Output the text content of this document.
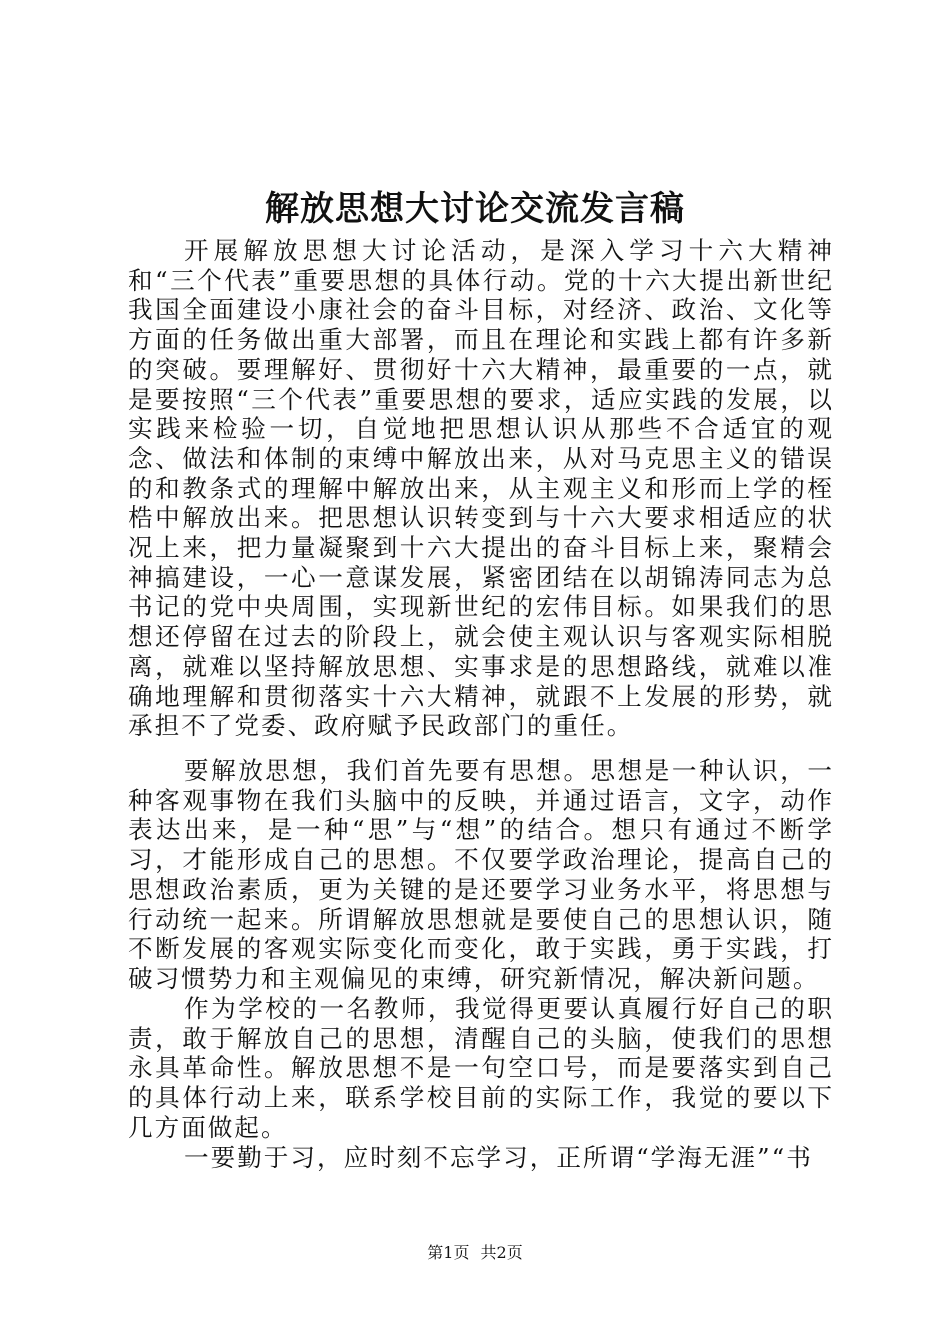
解放思想大讨论交流发言稿

开展解放思想大讨论活动，是深入学习十六大精神和“三个代表”重要思想的具体行动。党的十六大提出新世纪我国全面建设小康社会的奋斗目标，对经济、政治、文化等方面的任务做出重大部署，而且在理论和实践上都有许多新的突破。要理解好、贯彻好十六大精神，最重要的一点，就是要按照“三个代表”重要思想的要求，适应实践的发展，以实践来检验一切，自觉地把思想认识从那些不合适宜的观念、做法和体制的束缚中解放出来，从对马克思主义的错误的和教条式的理解中解放出来，从主观主义和形而上学的桎梏中解放出来。把思想认识转变到与十六大要求相适应的状况上来，把力量凝聚到十六大提出的奋斗目标上来，聚精会神搞建设，一心一意谋发展，紧密团结在以胡锦涛同志为总书记的党中央周围，实现新世纪的宏伟目标。如果我们的思想还停留在过去的阶段上，就会使主观认识与客观实际相脱离，就难以坚持解放思想、实事求是的思想路线，就难以准确地理解和贯彻落实十六大精神，就跟不上发展的形势，就承担不了党委、政府赋予民政部门的重任。

要解放思想，我们首先要有思想。思想是一种认识，一种客观事物在我们头脑中的反映，并通过语言，文字，动作表达出来，是一种“思”与“想”的结合。想只有通过不断学习，才能形成自己的思想。不仅要学政治理论，提高自己的思想政治素质，更为关键的是还要学习业务水平，将思想与行动统一起来。所谓解放思想就是要使自己的思想认识，随不断发展的客观实际变化而变化，敢于实践，勇于实践，打破习惯势力和主观偏见的束缚，研究新情况，解决新问题。

作为学校的一名教师，我觉得更要认真履行好自己的职责，敢于解放自己的思想，清醒自己的头脑，使我们的思想永具革命性。解放思想不是一句空口号，而是要落实到自己的具体行动上来，联系学校目前的实际工作，我觉的要以下几方面做起。

一要勤于习，应时刻不忘学习，正所谓“学海无涯”“书

第1页 共2页
